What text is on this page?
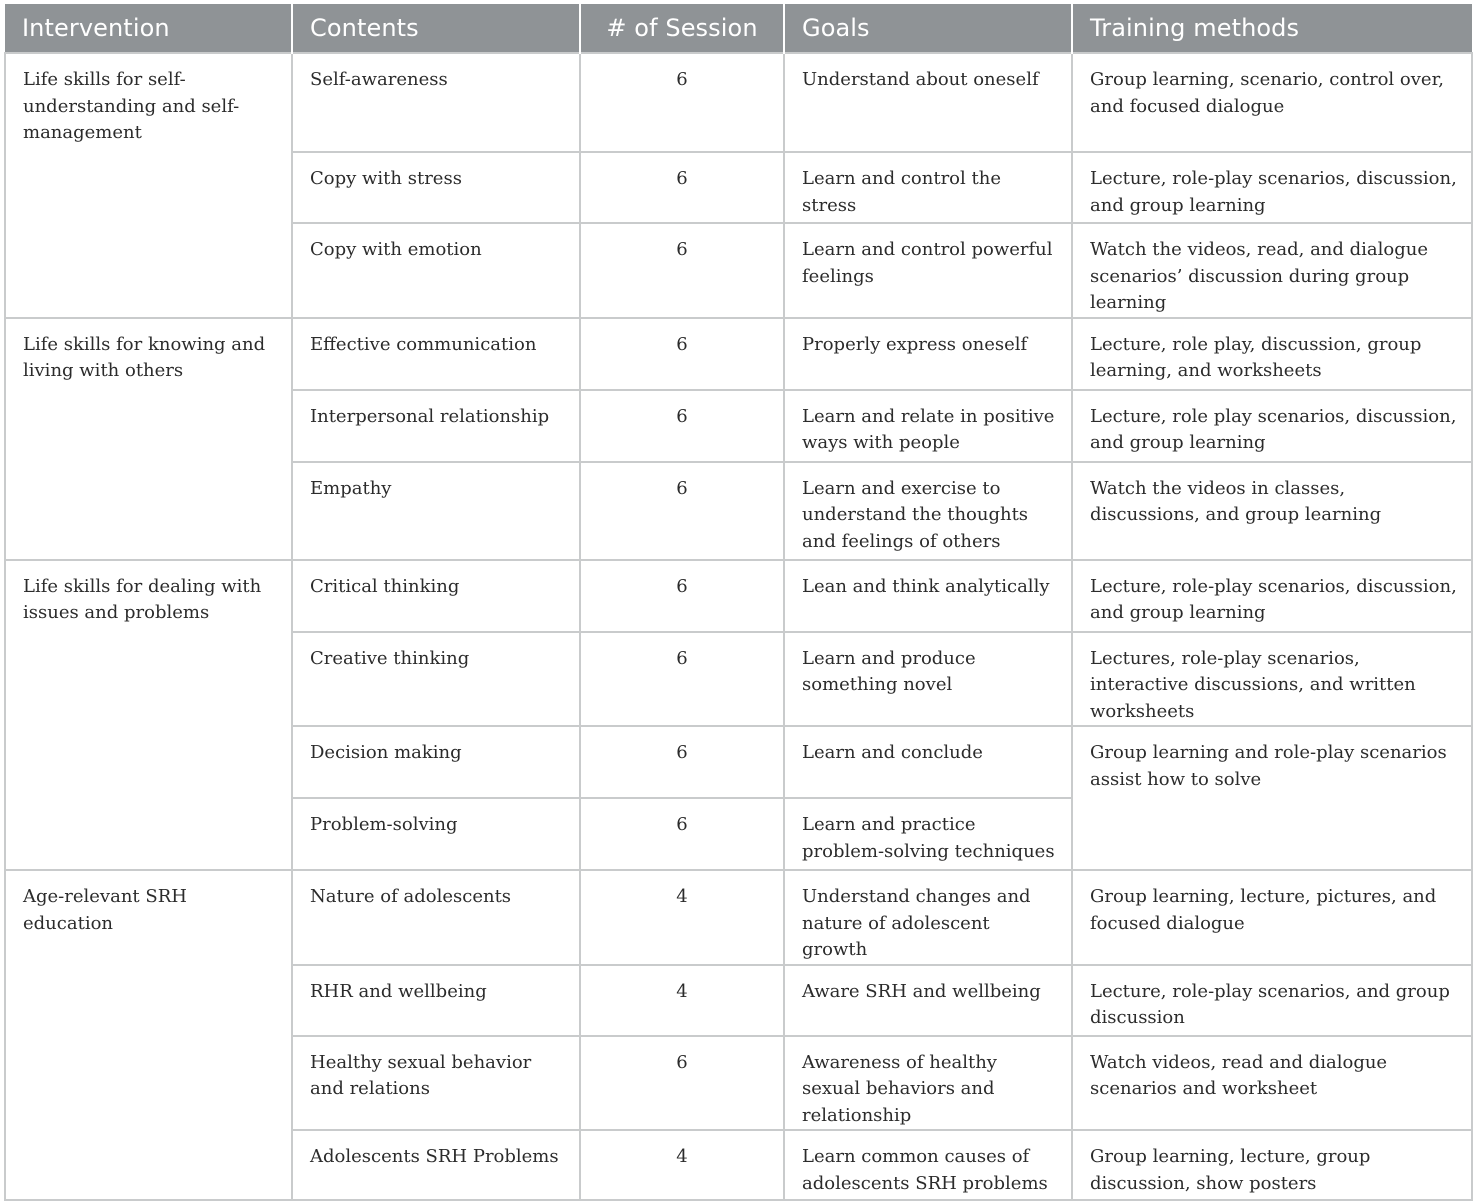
Intervention	Contents	# of Session	Goals	Training methods
Life skills for self-understanding and self-management	Self-awareness	6	Understand about oneself	Group learning, scenario, control over, and focused dialogue
	Copy with stress	6	Learn and control the stress	Lecture, role-play scenarios, discussion, and group learning
	Copy with emotion	6	Learn and control powerful feelings	Watch the videos, read, and dialogue scenarios’ discussion during group learning
Life skills for knowing and living with others	Effective communication	6	Properly express oneself	Lecture, role play, discussion, group learning, and worksheets
	Interpersonal relationship	6	Learn and relate in positive ways with people	Lecture, role play scenarios, discussion, and group learning
	Empathy	6	Learn and exercise to understand the thoughts and feelings of others	Watch the videos in classes, discussions, and group learning
Life skills for dealing with issues and problems	Critical thinking	6	Lean and think analytically	Lecture, role-play scenarios, discussion, and group learning
	Creative thinking	6	Learn and produce something novel	Lectures, role-play scenarios, interactive discussions, and written worksheets
	Decision making	6	Learn and conclude	Group learning and role-play scenarios assist how to solve
	Problem-solving	6	Learn and practice problem-solving techniques	
Age-relevant SRH education	Nature of adolescents	4	Understand changes and nature of adolescent growth	Group learning, lecture, pictures, and focused dialogue
	RHR and wellbeing	4	Aware SRH and wellbeing	Lecture, role-play scenarios, and group discussion
	Healthy sexual behavior and relations	6	Awareness of healthy sexual behaviors and relationship	Watch videos, read and dialogue scenarios and worksheet
	Adolescents SRH Problems	4	Learn common causes of adolescents SRH problems	Group learning, lecture, group discussion, show posters
